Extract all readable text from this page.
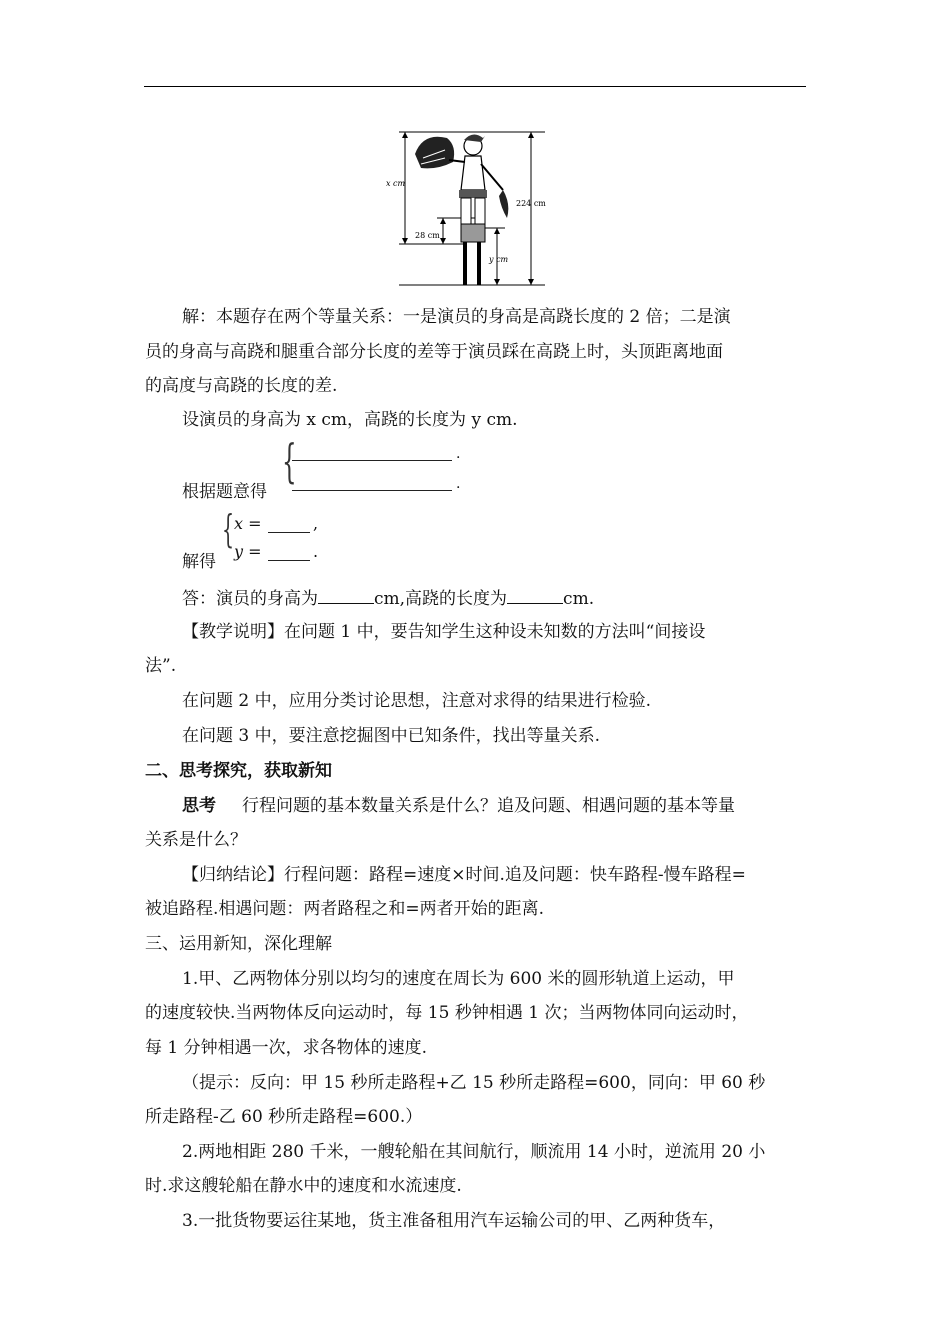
x cm
224 cm
28 cm
y cm
解：本题存在两个等量关系：一是演员的身高是高跷长度的 2 倍；二是演
员的身高与高跷和腿重合部分长度的差等于演员踩在高跷上时，头顶距离地面
的高度与高跷的长度的差.
设演员的身高为 x cm，高跷的长度为 y cm.
{	.
.
根据题意得
{ x =	,
y =	.
解得
答：演员的身高为	cm,高跷的长度为	cm.
【教学说明】在问题 1 中，要告知学生这种设未知数的方法叫“间接设
法”.
在问题 2 中，应用分类讨论思想，注意对求得的结果进行检验.
在问题 3 中，要注意挖掘图中已知条件，找出等量关系.
二、思考探究，获取新知
思考 行程问题的基本数量关系是什么？追及问题、相遇问题的基本等量
关系是什么？
【归纳结论】行程问题：路程=速度×时间.追及问题：快车路程-慢车路程=
被追路程.相遇问题：两者路程之和=两者开始的距离.
三、运用新知，深化理解
1.甲、乙两物体分别以均匀的速度在周长为 600 米的圆形轨道上运动，甲
的速度较快.当两物体反向运动时，每 15 秒钟相遇 1 次；当两物体同向运动时，
每 1 分钟相遇一次，求各物体的速度.
（提示：反向：甲 15 秒所走路程+乙 15 秒所走路程=600，同向：甲 60 秒
所走路程-乙 60 秒所走路程=600.）
2.两地相距 280 千米，一艘轮船在其间航行，顺流用 14 小时，逆流用 20 小
时.求这艘轮船在静水中的速度和水流速度.
3.一批货物要运往某地，货主准备租用汽车运输公司的甲、乙两种货车，
